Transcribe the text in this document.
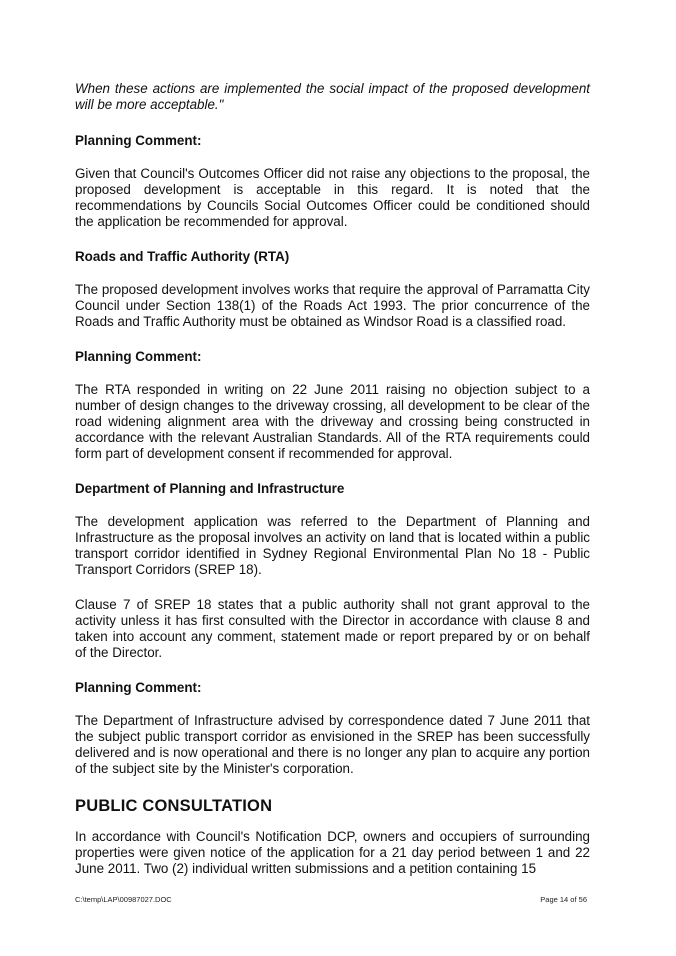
When these actions are implemented the social impact of the proposed development will be more acceptable."

Planning Comment:

Given that Council's Outcomes Officer did not raise any objections to the proposal, the proposed development is acceptable in this regard. It is noted that the recommendations by Councils Social Outcomes Officer could be conditioned should the application be recommended for approval.

Roads and Traffic Authority (RTA)

The proposed development involves works that require the approval of Parramatta City Council under Section 138(1) of the Roads Act 1993. The prior concurrence of the Roads and Traffic Authority must be obtained as Windsor Road is a classified road.

Planning Comment:

The RTA responded in writing on 22 June 2011 raising no objection subject to a number of design changes to the driveway crossing, all development to be clear of the road widening alignment area with the driveway and crossing being constructed in accordance with the relevant Australian Standards. All of the RTA requirements could form part of development consent if recommended for approval.

Department of Planning and Infrastructure

The development application was referred to the Department of Planning and Infrastructure as the proposal involves an activity on land that is located within a public transport corridor identified in Sydney Regional Environmental Plan No 18 - Public Transport Corridors (SREP 18).

Clause 7 of SREP 18 states that a public authority shall not grant approval to the activity unless it has first consulted with the Director in accordance with clause 8 and taken into account any comment, statement made or report prepared by or on behalf of the Director.

Planning Comment:

The Department of Infrastructure advised by correspondence dated 7 June 2011 that the subject public transport corridor as envisioned in the SREP has been successfully delivered and is now operational and there is no longer any plan to acquire any portion of the subject site by the Minister's corporation.

PUBLIC CONSULTATION

In accordance with Council's Notification DCP, owners and occupiers of surrounding properties were given notice of the application for a 21 day period between 1 and 22 June 2011. Two (2) individual written submissions and a petition containing 15

C:\temp\LAP\00987027.DOC	Page 14 of 56
